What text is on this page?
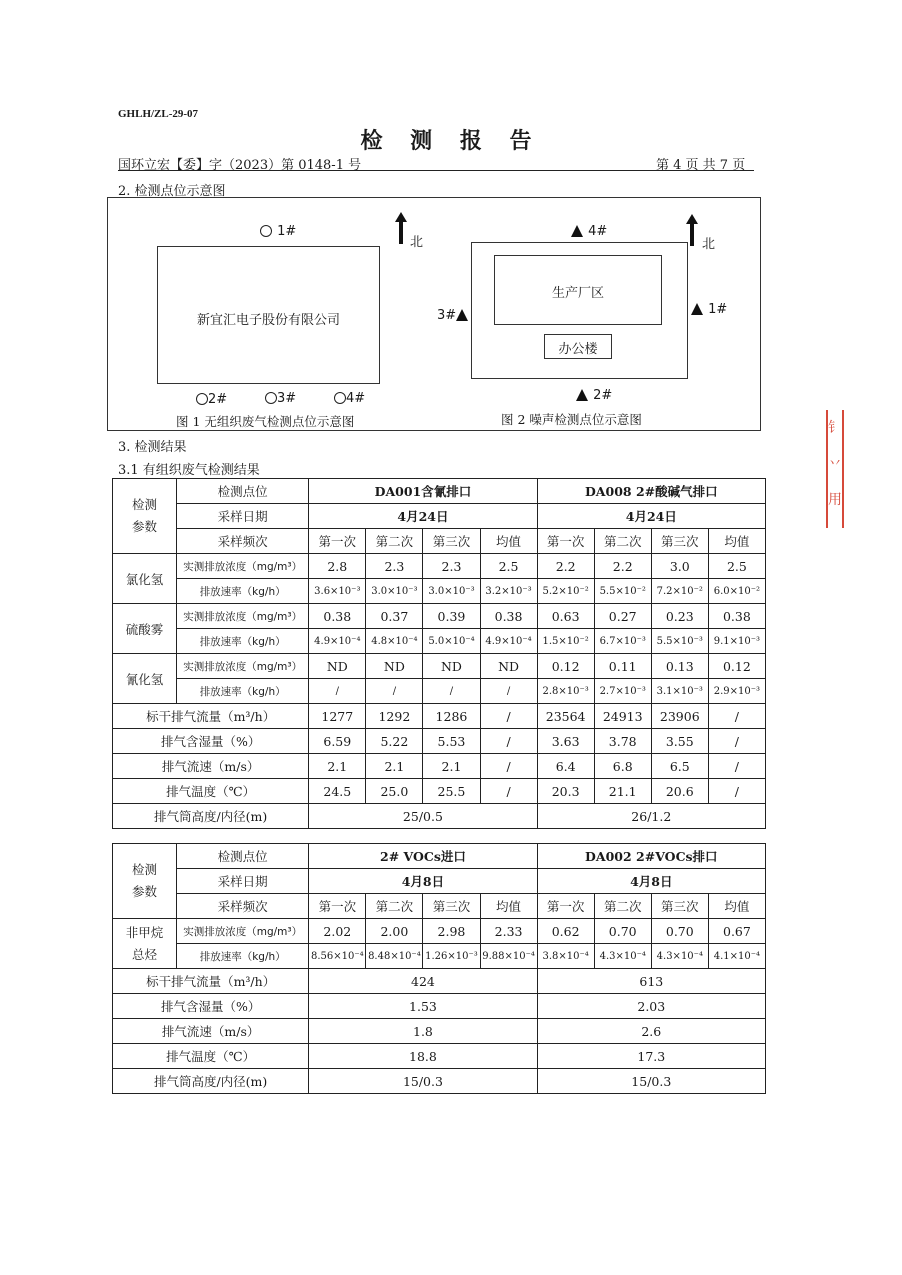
GHLH/ZL-29-07
检 测 报 告
国环立宏【委】字（2023）第 0148-1 号	第 4 页 共 7 页
2. 检测点位示意图
1#
北
新宜汇电子股份有限公司
2#	3#	4#
图 1 无组织废气检测点位示意图
4#
北
生产厂区
办公楼
3#	1#
2#
图 2 噪声检测点位示意图
3. 检测结果
3.1 有组织废气检测结果
检测
参数	检测点位	DA001含氰排口				DA008 2#酸碱气排口			
	采样日期	4月24日				4月24日			
	采样频次	第一次	第二次	第三次	均值	第一次	第二次	第三次	均值
氯化氢	实测排放浓度（mg/m³）	2.8	2.3	2.3	2.5	2.2	2.2	3.0	2.5
	排放速率（kg/h）	3.6×10⁻³	3.0×10⁻³	3.0×10⁻³	3.2×10⁻³	5.2×10⁻²	5.5×10⁻²	7.2×10⁻²	6.0×10⁻²
硫酸雾	实测排放浓度（mg/m³）	0.38	0.37	0.39	0.38	0.63	0.27	0.23	0.38
	排放速率（kg/h）	4.9×10⁻⁴	4.8×10⁻⁴	5.0×10⁻⁴	4.9×10⁻⁴	1.5×10⁻²	6.7×10⁻³	5.5×10⁻³	9.1×10⁻³
氰化氢	实测排放浓度（mg/m³）	ND	ND	ND	ND	0.12	0.11	0.13	0.12
	排放速率（kg/h）	/	/	/	/	2.8×10⁻³	2.7×10⁻³	3.1×10⁻³	2.9×10⁻³
标干排气流量（m³/h）		1277	1292	1286	/	23564	24913	23906	/
排气含湿量（%）		6.59	5.22	5.53	/	3.63	3.78	3.55	/
排气流速（m/s）		2.1	2.1	2.1	/	6.4	6.8	6.5	/
排气温度（℃）		24.5	25.0	25.5	/	20.3	21.1	20.6	/
排气筒高度/内径(m)		25/0.5				26/1.2			
检测
参数	检测点位	2# VOCs进口				DA002 2#VOCs排口			
	采样日期	4月8日				4月8日			
	采样频次	第一次	第二次	第三次	均值	第一次	第二次	第三次	均值
非甲烷
总烃	实测排放浓度（mg/m³）	2.02	2.00	2.98	2.33	0.62	0.70	0.70	0.67
	排放速率（kg/h）	8.56×10⁻⁴	8.48×10⁻⁴	1.26×10⁻³	9.88×10⁻⁴	3.8×10⁻⁴	4.3×10⁻⁴	4.3×10⁻⁴	4.1×10⁻⁴
标干排气流量（m³/h）		424				613			
排气含湿量（%）		1.53				2.03			
排气流速（m/s）		1.8				2.6			
排气温度（℃）		18.8				17.3			
排气筒高度/内径(m)		15/0.3				15/0.3			
钅
丷
用
